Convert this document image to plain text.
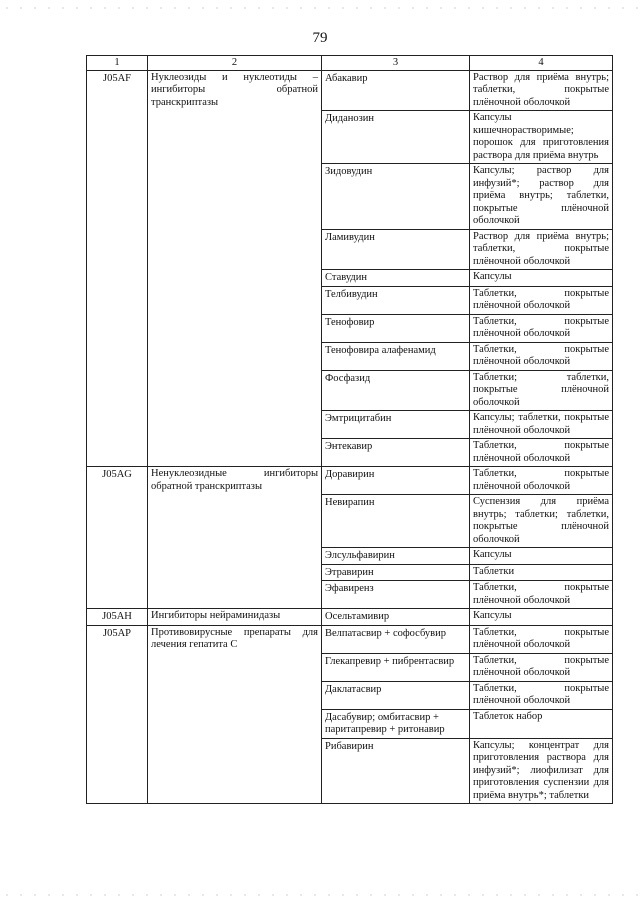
79
1	2	3	4
J05AF	Нуклеозиды и нуклеотиды – ингибиторы обратной транскриптазы	Абакавир	Раствор для приёма внутрь; таблетки, покрытые плёночной оболочкой
		Диданозин	Капсулы кишечнорастворимые; порошок для приготовления раствора для приёма внутрь
		Зидовудин	Капсулы; раствор для инфузий*; раствор для приёма внутрь; таблетки, покрытые плёночной оболочкой
		Ламивудин	Раствор для приёма внутрь; таблетки, покрытые плёночной оболочкой
		Ставудин	Капсулы
		Телбивудин	Таблетки, покрытые плёночной оболочкой
		Тенофовир	Таблетки, покрытые плёночной оболочкой
		Тенофовира алафенамид	Таблетки, покрытые плёночной оболочкой
		Фосфазид	Таблетки; таблетки, покрытые плёночной оболочкой
		Эмтрицитабин	Капсулы; таблетки, покрытые плёночной оболочкой
		Энтекавир	Таблетки, покрытые плёночной оболочкой
J05AG	Ненуклеозидные ингибиторы обратной транскриптазы	Доравирин	Таблетки, покрытые плёночной оболочкой
		Невирапин	Суспензия для приёма внутрь; таблетки; таблетки, покрытые плёночной оболочкой
		Элсульфавирин	Капсулы
		Этравирин	Таблетки
		Эфавиренз	Таблетки, покрытые плёночной оболочкой
J05AH	Ингибиторы нейраминидазы	Осельтамивир	Капсулы
J05AP	Противовирусные препараты для лечения гепатита С	Велпатасвир + софосбувир	Таблетки, покрытые плёночной оболочкой
		Глекапревир + пибрентасвир	Таблетки, покрытые плёночной оболочкой
		Даклатасвир	Таблетки, покрытые плёночной оболочкой
		Дасабувир; омбитасвир + паритапревир + ритонавир	Таблеток набор
		Рибавирин	Капсулы; концентрат для приготовления раствора для инфузий*; лиофилизат для приготовления суспензии для приёма внутрь*; таблетки
